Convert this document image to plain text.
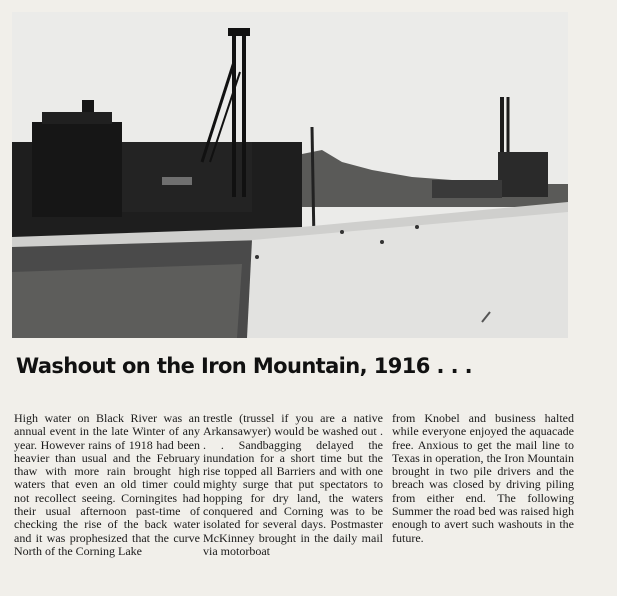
Washout on the Iron Mountain, 1916 . . .

High water on Black River was an annual event in the late Winter of any year. However rains of 1918 had been heavier than usual and the February thaw with more rain brought high waters that even an old timer could not recollect seeing. Corningites had their usual afternoon past-time of checking the rise of the back water and it was prophesized that the curve North of the Corning Lake

trestle (trussel if you are a native Arkansawyer) would be washed out . . . Sandbagging delayed the inundation for a short time but the rise topped all Barriers and with one mighty surge that put spectators to hopping for dry land, the waters conquered and Corning was to be isolated for several days. Postmaster McKinney brought in the daily mail via motorboat

from Knobel and business halted while everyone enjoyed the aquacade free. Anxious to get the mail line to Texas in operation, the Iron Mountain brought in two pile drivers and the breach was closed by driving piling from either end. The following Summer the road bed was raised high enough to avert such washouts in the future.
